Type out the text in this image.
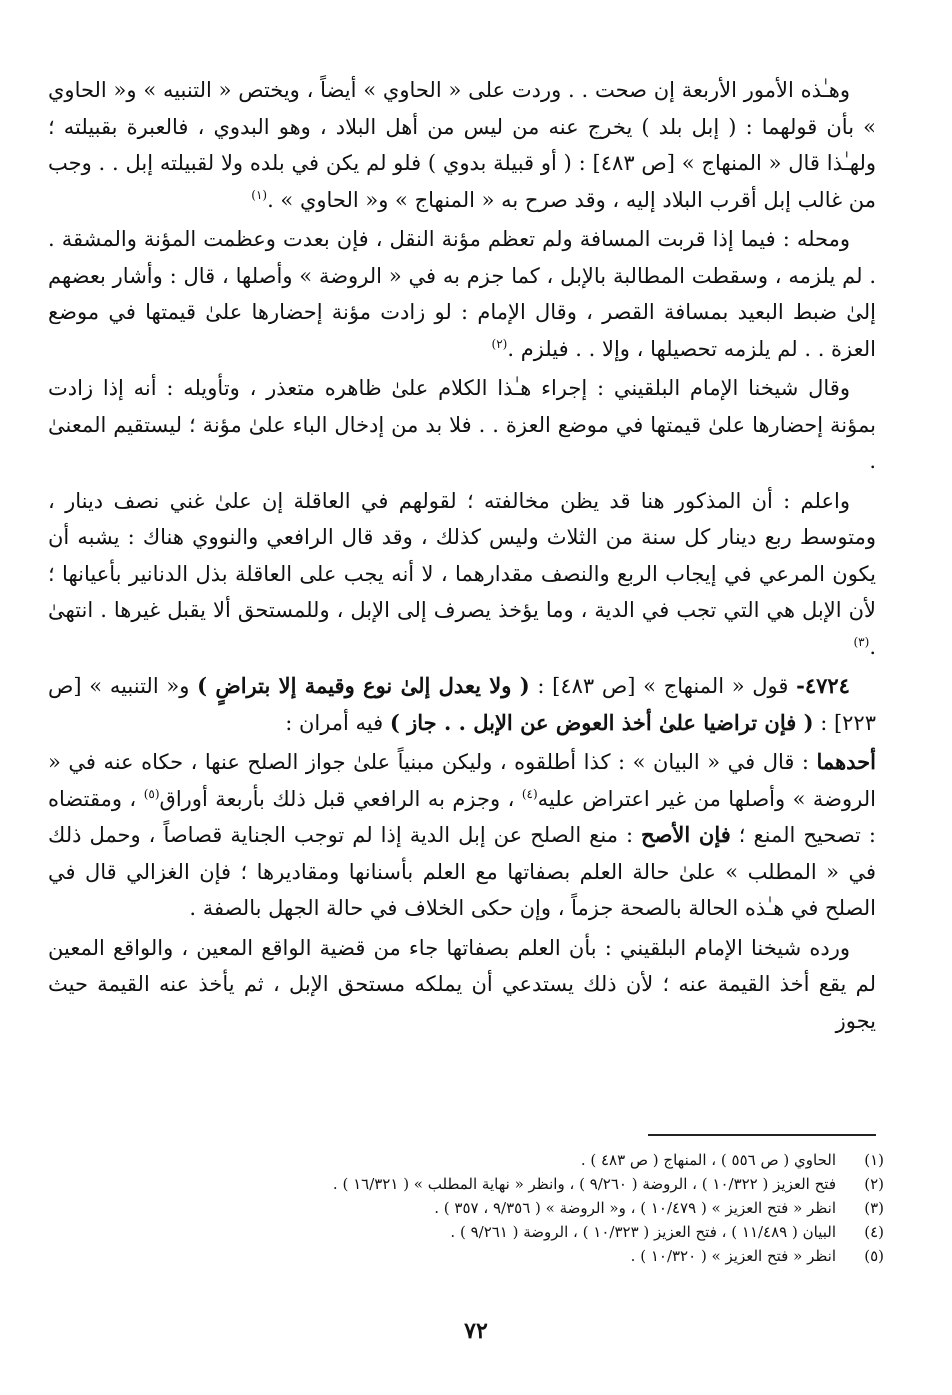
وهـٰذه الأمور الأربعة إن صحت . . وردت على « الحاوي » أيضاً ، ويختص « التنبيه » و« الحاوي » بأن قولهما : ( إبل بلد ) يخرج عنه من ليس من أهل البلاد ، وهو البدوي ، فالعبرة بقبيلته ؛ ولهـٰذا قال « المنهاج » [ص ٤٨٣] : ( أو قبيلة بدوي ) فلو لم يكن في بلده ولا لقبيلته إبل . . وجب من غالب إبل أقرب البلاد إليه ، وقد صرح به « المنهاج » و« الحاوي » .$^{(١)}$

ومحله : فيما إذا قربت المسافة ولم تعظم مؤنة النقل ، فإن بعدت وعظمت المؤنة والمشقة . . لم يلزمه ، وسقطت المطالبة بالإبل ، كما جزم به في « الروضة » وأصلها ، قال : وأشار بعضهم إلىٰ ضبط البعيد بمسافة القصر ، وقال الإمام : لو زادت مؤنة إحضارها علىٰ قيمتها في موضع العزة . . لم يلزمه تحصيلها ، وإلا . . فيلزم .$^{(٢)}$

وقال شيخنا الإمام البلقيني : إجراء هـٰذا الكلام علىٰ ظاهره متعذر ، وتأويله : أنه إذا زادت بمؤنة إحضارها علىٰ قيمتها في موضع العزة . . فلا بد من إدخال الباء علىٰ مؤنة ؛ ليستقيم المعنىٰ .

واعلم : أن المذكور هنا قد يظن مخالفته ؛ لقولهم في العاقلة إن علىٰ غني نصف دينار ، ومتوسط ربع دينار كل سنة من الثلاث وليس كذلك ، وقد قال الرافعي والنووي هناك : يشبه أن يكون المرعي في إيجاب الربع والنصف مقدارهما ، لا أنه يجب على العاقلة بذل الدنانير بأعيانها ؛ لأن الإبل هي التي تجب في الدية ، وما يؤخذ يصرف إلى الإبل ، وللمستحق ألا يقبل غيرها . انتهىٰ .$^{(٣)}$

٤٧٢٤- قول « المنهاج » [ص ٤٨٣] : ( ولا يعدل إلىٰ نوع وقيمة إلا بتراضٍ ) و« التنبيه » [ص ٢٢٣] : ( فإن تراضيا علىٰ أخذ العوض عن الإبل . . جاز ) فيه أمران :

أحدهما : قال في « البيان » : كذا أطلقوه ، وليكن مبنياً علىٰ جواز الصلح عنها ، حكاه عنه في « الروضة » وأصلها من غير اعتراض عليه$^{(٤)}$ ، وجزم به الرافعي قبل ذلك بأربعة أوراق$^{(٥)}$ ، ومقتضاه : تصحيح المنع ؛ فإن الأصح : منع الصلح عن إبل الدية إذا لم توجب الجناية قصاصاً ، وحمل ذلك في « المطلب » علىٰ حالة العلم بصفاتها مع العلم بأسنانها ومقاديرها ؛ فإن الغزالي قال في الصلح في هـٰذه الحالة بالصحة جزماً ، وإن حكى الخلاف في حالة الجهل بالصفة .

ورده شيخنا الإمام البلقيني : بأن العلم بصفاتها جاء من قضية الواقع المعين ، والواقع المعين لم يقع أخذ القيمة عنه ؛ لأن ذلك يستدعي أن يملكه مستحق الإبل ، ثم يأخذ عنه القيمة حيث يجوز

(١)
الحاوي ( ص ٥٥٦ ) ، المنهاج ( ص ٤٨٣ ) .
(٢)
فتح العزيز ( ١٠/٣٢٢ ) ، الروضة ( ٩/٢٦٠ ) ، وانظر « نهاية المطلب » ( ١٦/٣٢١ ) .
(٣)
انظر « فتح العزيز » ( ١٠/٤٧٩ ) ، و« الروضة » ( ٩/٣٥٦ ، ٣٥٧ ) .
(٤)
البيان ( ١١/٤٨٩ ) ، فتح العزيز ( ١٠/٣٢٣ ) ، الروضة ( ٩/٢٦١ ) .
(٥)
انظر « فتح العزيز » ( ١٠/٣٢٠ ) .
٧٢
